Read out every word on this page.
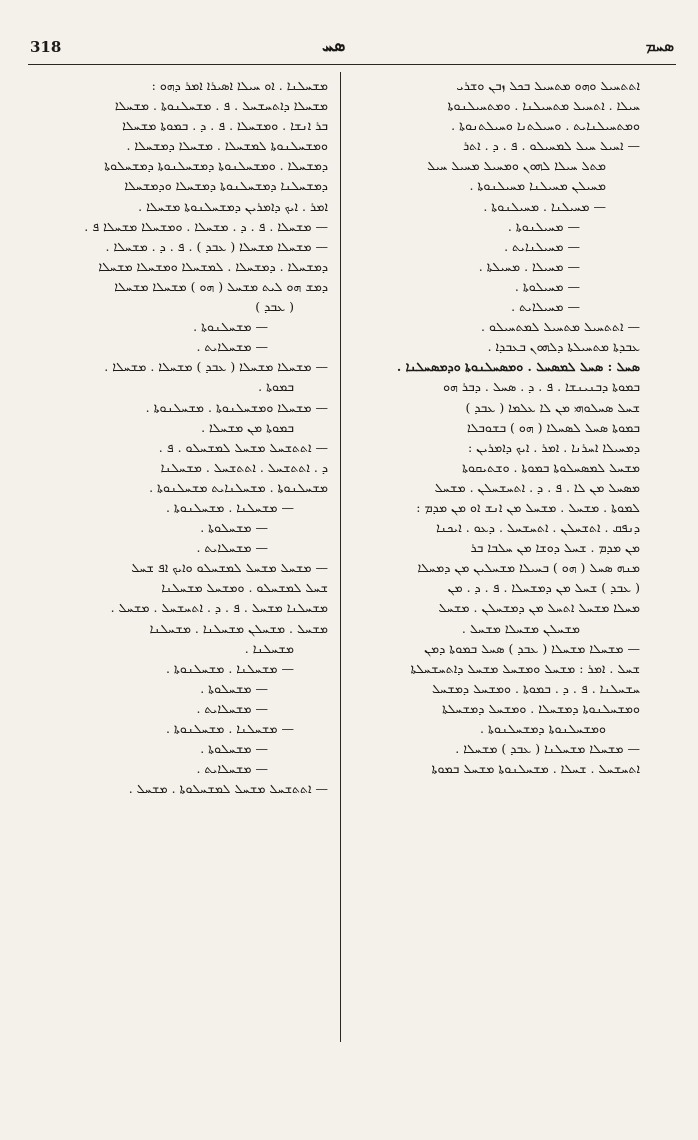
318	ܣܚ	ܣܚܡ
ܐܬܬܚܝܠ ܘܗܘ ܡܬܚܝܠ ܒܟܠ ܙܒܢ ܘܫܪܝ
ܚܝܠܐ . ܐܬܚܝܠ ܡܬܚܝܠܢܐ . ܘܡܬܚܝܠܢܘܬܐ
ܘܡܬܚܝܠܢܐܝܬ . ܘܚܝܠܬܢܐ ܘܚܝܠܬܢܘܬܐ .
— ܐܚܝܠ ܚܝܠ ܠܡܚܝܠܘ . ܦ . ܕ . ܐܬܪ
ܡܬܠ ܚܝܠܐ ܠܗܘܢ ܘܡܚܝܠ ܡܚܝܠ ܚܝܠ
ܡܚܝܠܢ ܡܚܝܠܢܐ ܡܚܝܠܢܘܬܐ .
— ܡܚܝܠܢܐ . ܡܚܝܠܢܘܬܐ .
— ܡܚܝܠܢܘܬܐ .
— ܡܚܝܠܢܐܝܬ .
— ܡܚܝܠܐ . ܡܚܝܠܬܐ .
— ܡܚܝܠܘܬܐ .
— ܡܚܝܠܐܝܬ .
— ܐܬܬܚܝܠ ܡܬܚܝܠ ܠܡܬܚܝܠܘ .
ܥܒܕܬܐ ܡܬܚܝܠܬܐ ܕܠܗܘܢ ܒܥܒܕܐ .
ܣܚܠ : ܣܚܠ ܠܡܣܚܠ . ܘܡܣܚܠܢܘܬܐ ܘܕܡܣܚܠܢܐ .
ܒܡܘܬܐ ܕܒܢܝܢܫܐ . ܦ . ܕ . ܣܚܠ . ܕܒܪ ܗܘ
ܫܚܠ ܣܚܠܘܗܝ ܡܢ ܠܐ ܥܠܡܐ ( ܥܒܕ )
ܒܡܘܬܐ ܣܚܠ ܠܣܚܠܐ ( ܗܘ ) ܒܫܘܒܠܐ
ܕܡܚܝܠܐ ܐܚܪܢܐ . ܐܡܪ . ܐܝܟ ܕܐܡܪܝܢ :
ܡܫܚܠ ܠܡܣܚܠܘܬܐ ܒܡܘܬܐ . ܘܫܬܝܩܘܬܐ
ܡܣܚܠ ܡܢ ܠܐ . ܦ . ܕ . ܐܬܚܫܚܠܢ . ܡܫܚܠ
ܠܡܘܬܐ . ܡܫܚܠ . ܡܫܚܠ ܡܢ ܐܢܫ ܐܘ ܡܢ ܡܕܡ :
ܕܢܦܩ . ܐܬܫܚܠܢ . ܐܬܚܫܚܠ . ܕܥܘ . ܐܝܟܢܐ
ܡܢ ܡܕܡ . ܫܚܠ ܕܘܫܐ ܡܢ ܚܠܒܐ ܒܪ
ܡܢܗ ܣܚܠ ( ܗܘ ) ܒܚܝܠܐ ܡܫܚܠܝܢ ܡܢ ܕܡܚܠܐ
( ܥܒܕ ) ܫܚܠ ܡܢ ܕܡܫܚܠܐ . ܦ . ܕ . ܡܢ
ܡܚܠܐ ܡܫܚܠ ܐܬܚܠ ܡܢ ܕܡܫܚܠܢ . ܡܫܚܠ
ܡܫܚܠܢ ܡܫܚܠܐ ܡܫܚܠ .
— ܡܫܚܠܐ ܡܫܚܠܐ ( ܥܒܕ ) ܣܚܠ ܒܡܘܬܐ ܕܡܢ
ܫܚܠ . ܐܡܪ : ܡܫܚܠ ܘܡܫܚܠ ܡܫܚܠ ܕܐܬܚܫܚܠܬܐ
ܚܫܚܠܢܐ . ܦ . ܕ . ܒܡܘܬܐ . ܘܡܫܚܠ ܕܡܫܚܠ
ܘܡܫܚܠܢܘܬܐ ܕܡܫܚܠܐ . ܘܡܫܚܠ ܕܡܫܚܠܬܐ
ܘܡܫܚܠܢܘܬܐ ܕܡܫܚܠܢܘܬܐ .
— ܡܫܚܠܐ ܡܫܚܠܢܐ ( ܥܒܕ ) ܡܫܚܠܐ .
ܐܬܚܫܚܠ . ܫܚܠܐ . ܡܫܚܠܢܘܬܐ ܡܫܚܠ ܒܡܘܬܐ
ܡܫܚܠܢܐ . ܐܘ ܚܝܠܐ ܐܣܝܪܐ ܐܡܪ ܕܗܘ :
ܡܫܚܠܐ ܕܐܬܚܫܚܠ . ܦ . ܡܫܚܠܢܘܬܐ . ܡܫܚܠܐ
ܒܪ ܐܢܫܐ . ܘܡܫܚܠܐ . ܦ . ܕ . ܒܡܘܬܐ ܡܫܚܠܐ
ܘܡܫܚܠܢܘܬܐ ܠܡܫܚܠܐ . ܡܫܚܠܐ ܕܡܫܚܠܐ .
ܕܡܫܚܠܐ . ܘܡܫܚܠܢܘܬܐ ܕܡܫܚܠܢܘܬܐ ܕܡܫܚܠܘܬܐ
ܕܡܫܚܠܢܐ ܕܡܫܚܠܢܘܬܐ ܕܡܫܚܠܐ ܘܕܡܫܚܠܐ
ܐܡܪ . ܐܝܟ ܕܐܡܪܝܢ ܕܡܫܚܠܢܘܬܐ ܡܫܚܠܐ .
— ܡܫܚܠܐ . ܦ . ܕ . ܡܫܚܠܐ . ܘܡܫܚܠܐ ܡܫܚܠܐ ܦ .
— ܡܫܚܠܐ ܡܫܚܠܐ ( ܥܒܕ ) . ܦ . ܕ . ܡܫܚܠܐ .
ܕܡܫܚܠܐ . ܕܡܫܚܠܐ . ܠܡܫܚܠܐ ܘܡܫܚܠܐ ܡܫܚܠܐ
ܕܡܫ ܗܘ ܠܝܬ ܡܫܚܠ ( ܗܘ ) ܡܫܚܠܐ ܡܫܚܠܐ
( ܥܒܕ )
— ܡܫܚܠܢܘܬܐ .
— ܡܫܚܠܐܝܬ .
— ܡܫܚܠܐ ܡܫܚܠܐ ( ܥܒܕ ) ܡܫܚܠܐ . ܡܫܚܠܐ .
ܒܡܘܬܐ .
— ܡܫܚܠܐ ܘܡܫܚܠܢܘܬܐ . ܡܫܚܠܢܘܬܐ .
ܒܡܘܬܐ ܡܢ ܡܫܚܠܐ .
— ܐܬܬܫܚܠ ܡܫܚܠ ܠܡܫܚܠܘ . ܦ .
ܕ . ܐܬܬܫܚܠ . ܐܬܬܫܚܠ . ܡܫܚܠܢܐ
ܡܫܚܠܢܘܬܐ . ܡܫܚܠܢܐܝܬ ܡܫܚܠܢܘܬܐ .
— ܡܫܚܠܢܐ . ܡܫܚܠܢܘܬܐ .
— ܡܫܚܠܘܬܐ .
— ܡܫܚܠܐܝܬ .
— ܡܫܚܠ ܡܫܚܠ ܠܡܫܚܠܘ ܘܐܝܟ ܐܦ ܫܚܠ
ܫܚܠ ܠܡܫܚܠܘ . ܘܡܫܚܠ ܡܫܚܠܢܐ
ܡܫܚܠܢܐ ܡܫܚܠ . ܦ . ܕ . ܐܬܚܫܚܠ . ܡܫܚܠ .
ܡܫܚܠ . ܡܫܚܠܢ ܡܫܚܠܢܐ . ܡܫܚܠܢܐ
ܡܫܚܠܢܐ .
— ܡܫܚܠܢܐ . ܡܫܚܠܢܘܬܐ .
— ܡܫܚܠܘܬܐ .
— ܡܫܚܠܐܝܬ .
— ܡܫܚܠܢܐ . ܡܫܚܠܢܘܬܐ .
— ܡܫܚܠܘܬܐ .
— ܡܫܚܠܐܝܬ .
— ܐܬܬܫܚܠ ܡܫܚܠ ܠܡܫܚܠܘܬܐ . ܡܫܚܠ .
